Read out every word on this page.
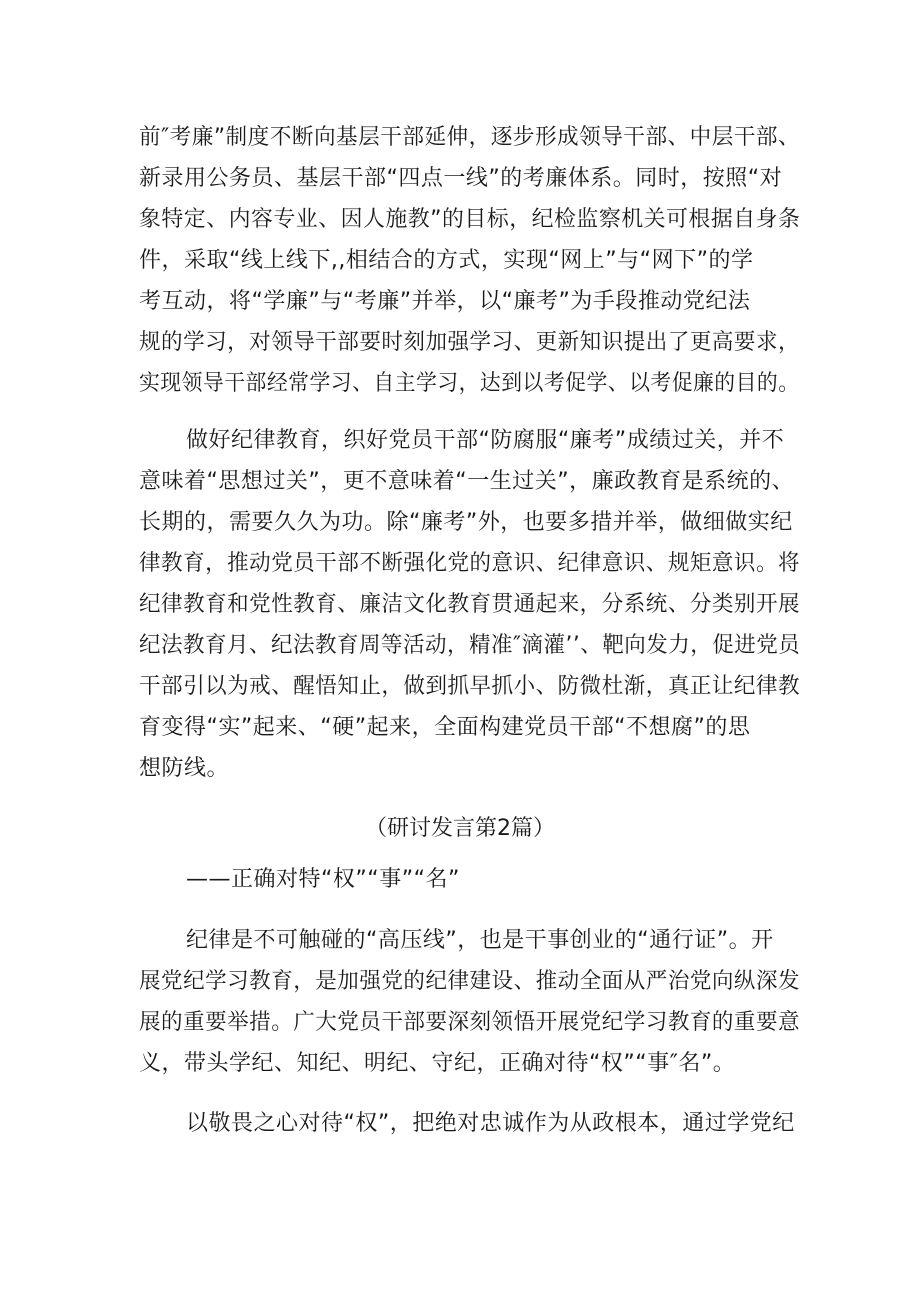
前″考廉”制度不断向基层干部延伸，逐步形成领导干部、中层干部、
新录用公务员、基层干部“四点一线”的考廉体系。同时，按照“对
象特定、内容专业、因人施教”的目标，纪检监察机关可根据自身条
件，采取“线上线下,,相结合的方式，实现“网上”与“网下”的学
考互动，将“学廉”与“考廉”并举，以“廉考”为手段推动党纪法
规的学习，对领导干部要时刻加强学习、更新知识提出了更高要求，
实现领导干部经常学习、自主学习，达到以考促学、以考促廉的目的。
做好纪律教育，织好党员干部“防腐服“廉考”成绩过关，并不
意味着“思想过关”，更不意味着“一生过关”，廉政教育是系统的、
长期的，需要久久为功。除“廉考”外，也要多措并举，做细做实纪
律教育，推动党员干部不断强化党的意识、纪律意识、规矩意识。将
纪律教育和党性教育、廉洁文化教育贯通起来，分系统、分类别开展
纪法教育月、纪法教育周等活动，精准″滴灌’’、靶向发力，促进党员
干部引以为戒、醒悟知止，做到抓早抓小、防微杜渐，真正让纪律教
育变得“实”起来、“硬”起来，全面构建党员干部“不想腐”的思
想防线。
（研讨发言第2篇）
——正确对特“权”“事”“名”
纪律是不可触碰的“高压线”，也是干事创业的“通行证”。开
展党纪学习教育，是加强党的纪律建设、推动全面从严治党向纵深发
展的重要举措。广大党员干部要深刻领悟开展党纪学习教育的重要意
义，带头学纪、知纪、明纪、守纪，正确对待“权”“事″名”。
以敬畏之心对待“权”，把绝对忠诚作为从政根本，通过学党纪
